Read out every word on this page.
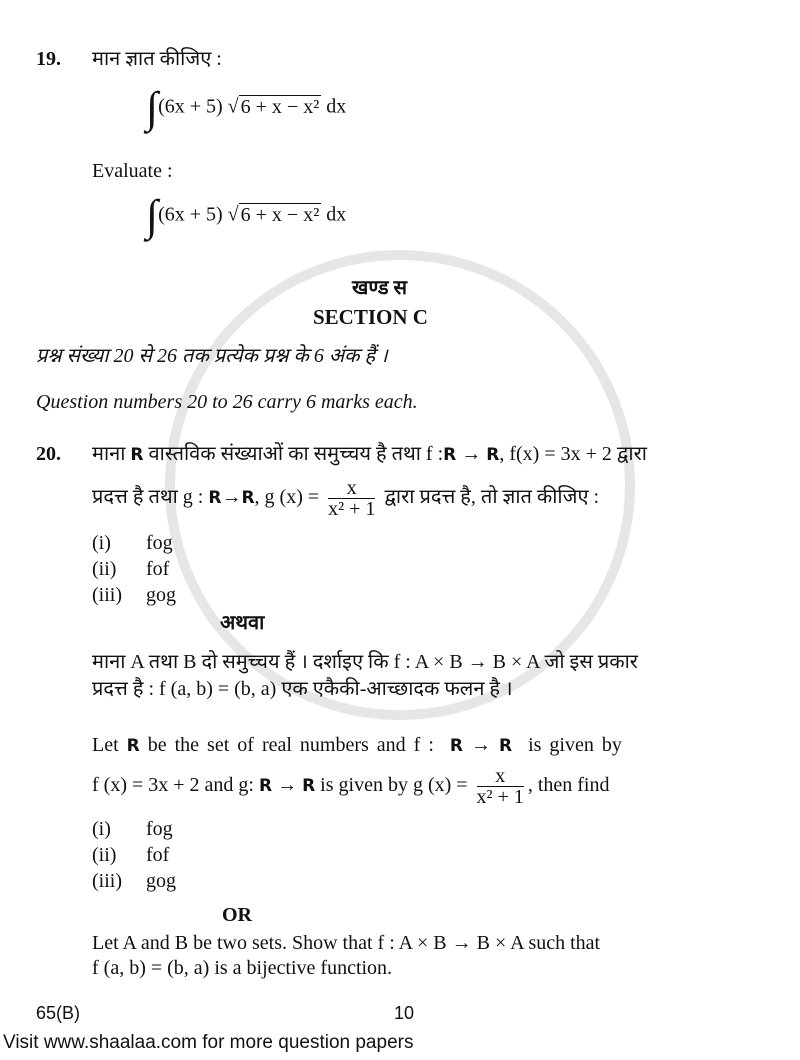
19. मान ज्ञात कीजिए :
∫(6x + 5) √ 6 + x − x² dx
Evaluate :
∫(6x + 5) √ 6 + x − x² dx
खण्ड स
SECTION C
प्रश्न संख्या 20 से 26 तक प्रत्येक प्रश्न के 6 अंक हैं ।
Question numbers 20 to 26 carry 6 marks each.
20. माना R वास्तविक संख्याओं का समुच्चय है तथा f :R → R, f(x) = 3x + 2 द्वारा
प्रदत्त है तथा g : R→R, g $(x) = \frac{x}{\text{x² + 1}}$ द्वारा प्रदत्त है, तो ज्ञात कीजिए :
(i) fog
(ii) fof
(iii) gog
अथवा
माना A तथा B दो समुच्चय हैं । दर्शाइए कि f : A × B → B × A जो इस प्रकार
प्रदत्त है : f (a, b) = (b, a) एक एकैकी-आच्छादक फलन है ।
Let R be the set of real numbers and f : R → R is given by
f (x) = 3x + 2 and g: R → R is given by g $(x) = \frac{x}{\text{x² + 1}}$ , then find
(i) fog
(ii) fof
(iii) gog
OR
Let A and B be two sets. Show that f : A × B → B × A such that
f (a, b) = (b, a) is a bijective function.
65(B)	10
Visit www.shaalaa.com for more question papers
